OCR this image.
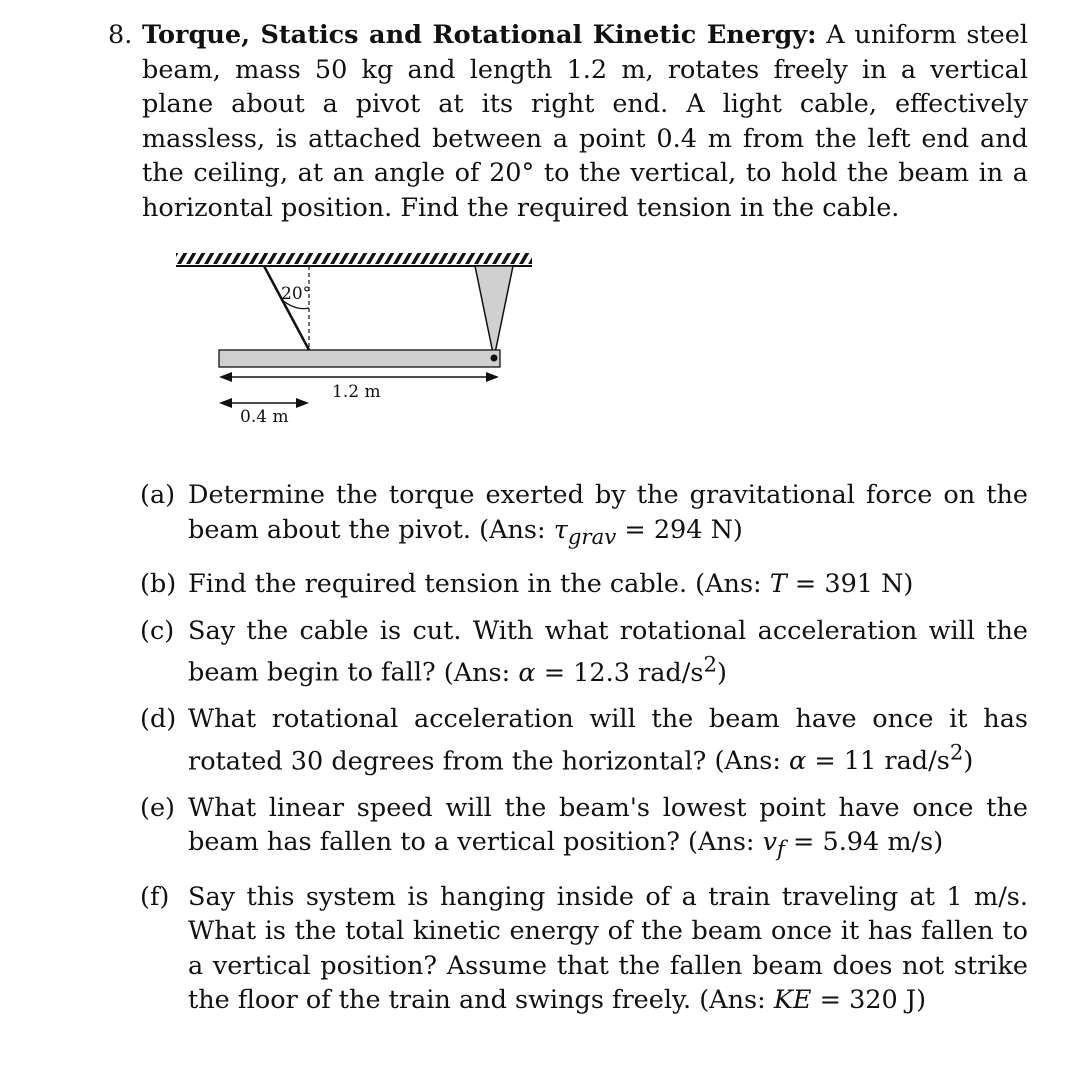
8. Torque, Statics and Rotational Kinetic Energy: A uniform steel beam, mass 50 kg and length 1.2 m, rotates freely in a vertical plane about a pivot at its right end. A light cable, effectively massless, is attached between a point 0.4 m from the left end and the ceiling, at an angle of 20° to the vertical, to hold the beam in a horizontal position. Find the required tension in the cable.
20°
1.2 m
0.4 m
(a) Determine the torque exerted by the gravitational force on the beam about the pivot. (Ans: $\tau_{grav} = 294$ N)
(b) Find the required tension in the cable. (Ans: T = 391 N)
(c) Say the cable is cut. With what rotational acceleration will the beam begin to fall? (Ans: α = 12.3 rad/$s^2$)
(d) What rotational acceleration will the beam have once it has rotated 30 degrees from the horizontal? (Ans: α = 11 rad/$s^2$)
(e) What linear speed will the beam's lowest point have once the beam has fallen to a vertical position? (Ans: $v_f = 5.94$ m/s)
(f) Say this system is hanging inside of a train traveling at 1 m/s. What is the total kinetic energy of the beam once it has fallen to a vertical position? Assume that the fallen beam does not strike the floor of the train and swings freely. (Ans: KE = 320 J)
